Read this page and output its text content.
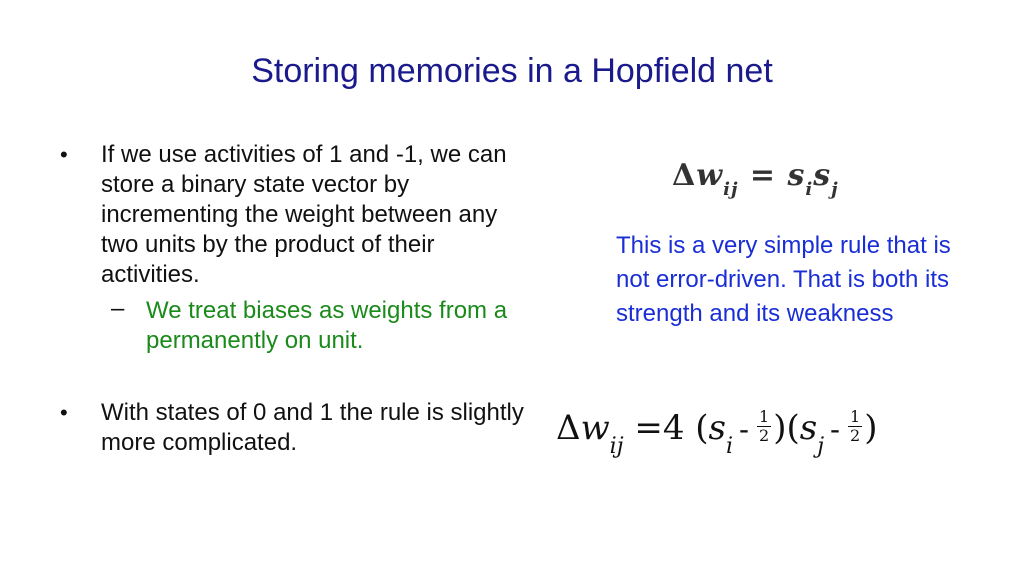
Storing memories in a Hopfield net
• If we use activities of 1 and -1, we can store a binary state vector by incrementing the weight between any two units by the product of their activities.
– We treat biases as weights from a permanently on unit.
• With states of 0 and 1 the rule is slightly more complicated.
$\Delta w_{ij} = s_is_j$
This is a very simple rule that is not error-driven. That is both its strength and its weakness
$\Delta w_{ij} =4$ $(s_i- \frac{1}{2} )(s_j- \frac{1}{2}$ )
